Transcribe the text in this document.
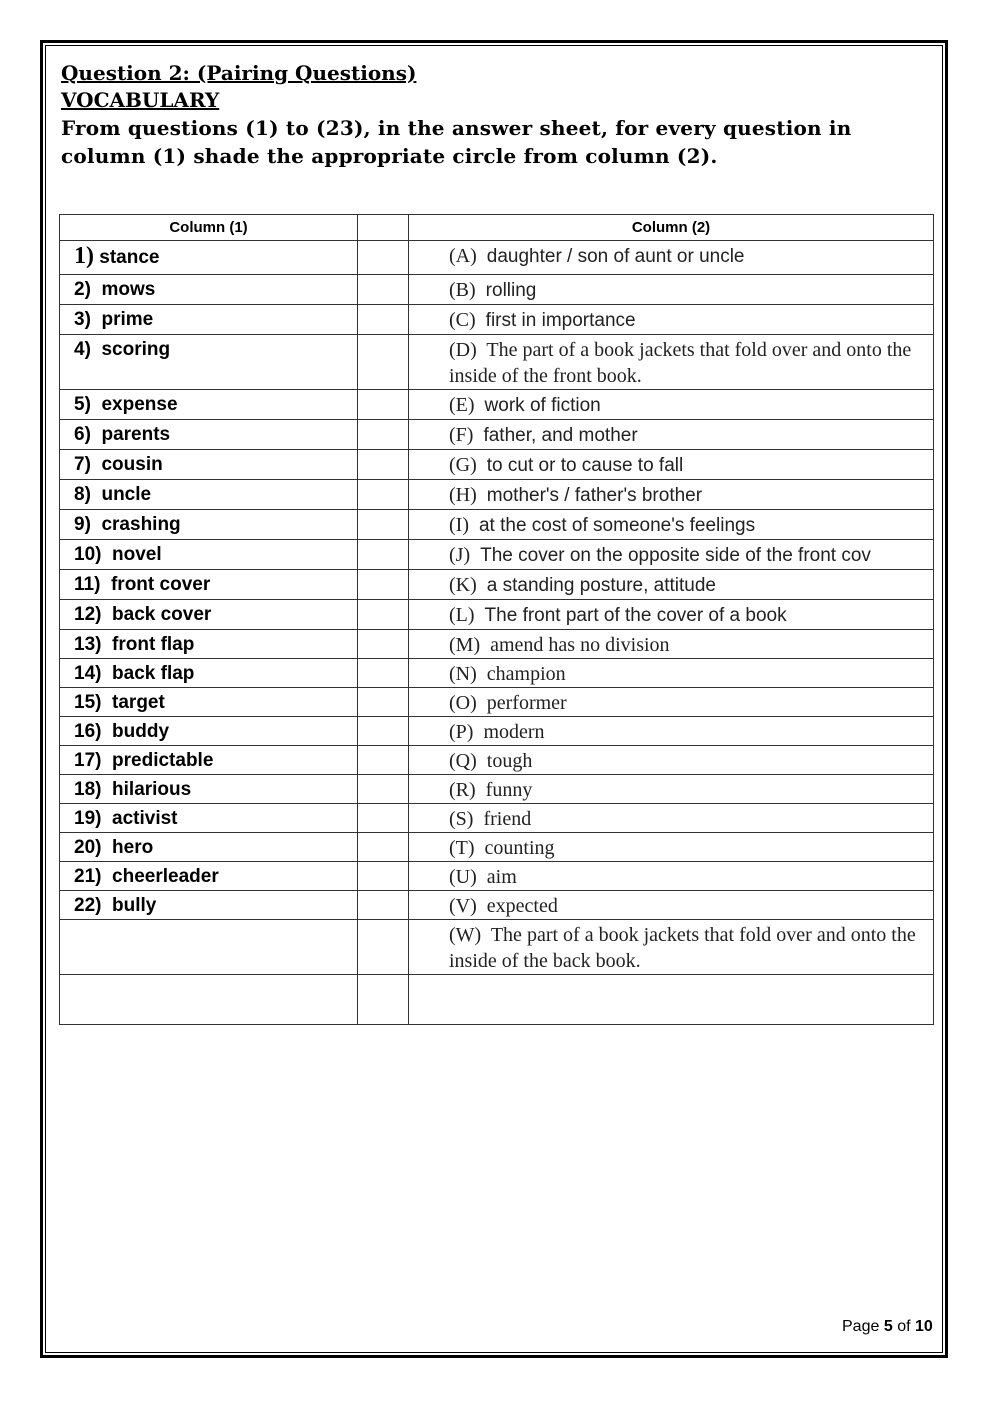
Question 2: (Pairing Questions)

VOCABULARY

From questions (1) to (23), in the answer sheet, for every question in

column (1) shade the appropriate circle from column (2).

Column (1)		Column (2)
1) stance		(A) daughter / son of aunt or uncle
2) mows		(B) rolling
3) prime		(C) first in importance
4) scoring		(D) The part of a book jackets that fold over and onto the inside of the front book.
5) expense		(E) work of fiction
6) parents		(F) father, and mother
7) cousin		(G) to cut or to cause to fall
8) uncle		(H) mother's / father's brother
9) crashing		(I) at the cost of someone's feelings
10) novel		(J) The cover on the opposite side of the front cov
11) front cover		(K) a standing posture, attitude
12) back cover		(L) The front part of the cover of a book
13) front flap		(M) amend has no division
14) back flap		(N) champion
15) target		(O) performer
16) buddy		(P) modern
17) predictable		(Q) tough
18) hilarious		(R) funny
19) activist		(S) friend
20) hero		(T) counting
21) cheerleader		(U) aim
22) bully		(V) expected
		(W) The part of a book jackets that fold over and onto the inside of the back book.

Page 5 of 10
